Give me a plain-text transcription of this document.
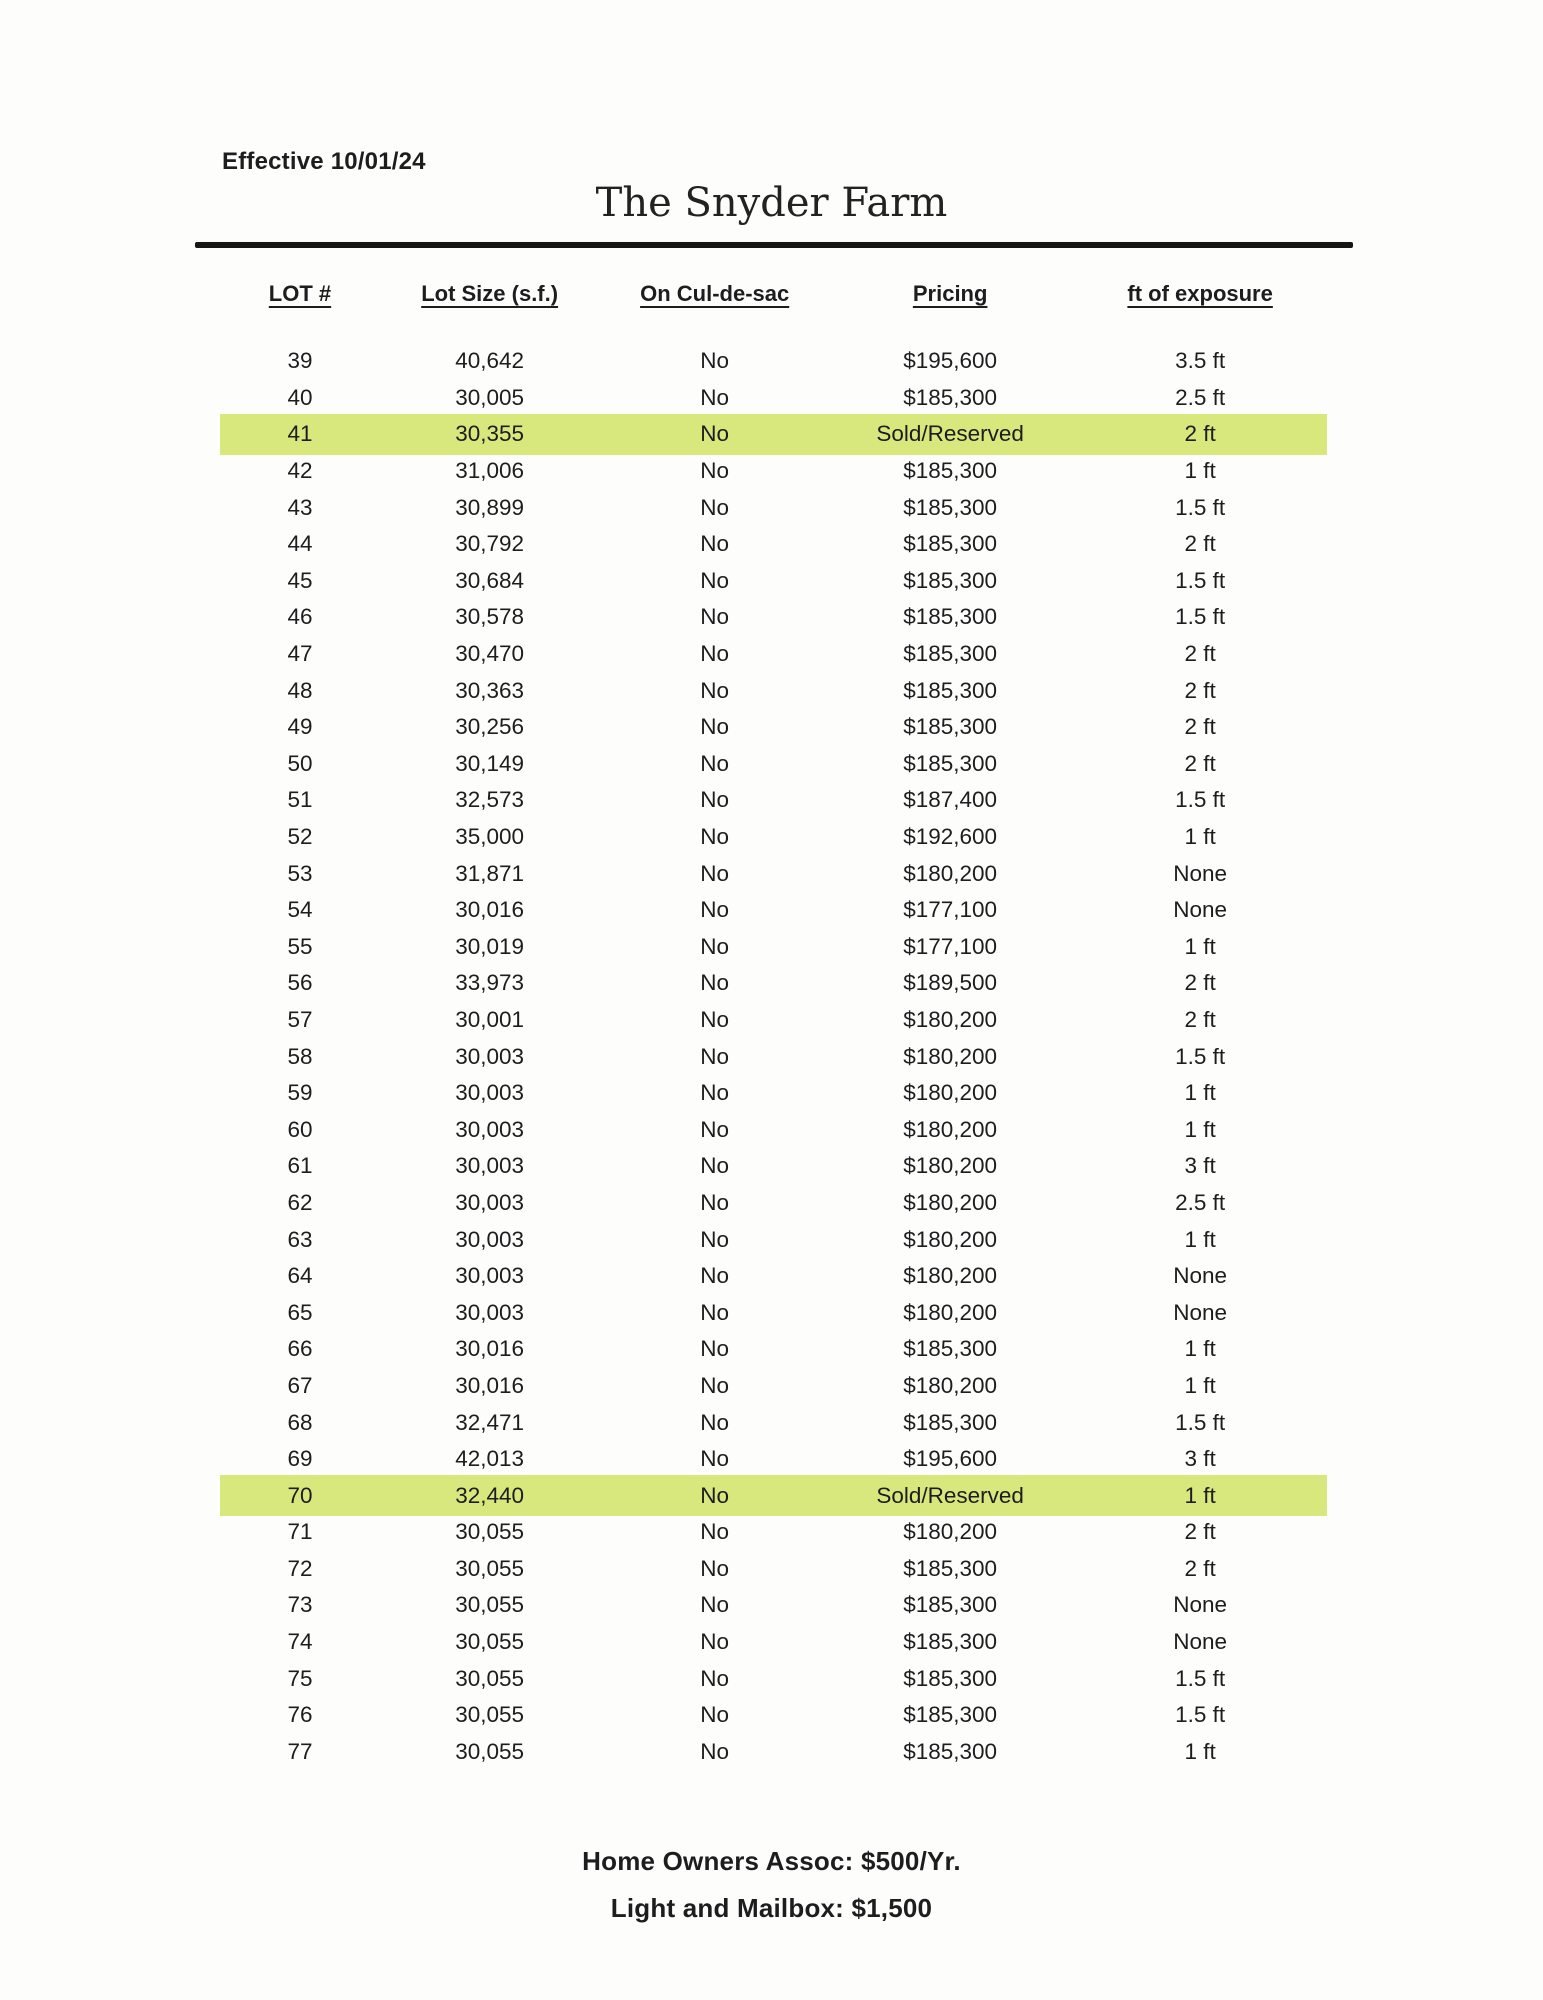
Effective 10/01/24
The Snyder Farm
LOT #	Lot Size (s.f.)	On Cul-de-sac	Pricing	ft of exposure
39	40,642	No	$195,600	3.5 ft
40	30,005	No	$185,300	2.5 ft
41	30,355	No	Sold/Reserved	2 ft
42	31,006	No	$185,300	1 ft
43	30,899	No	$185,300	1.5 ft
44	30,792	No	$185,300	2 ft
45	30,684	No	$185,300	1.5 ft
46	30,578	No	$185,300	1.5 ft
47	30,470	No	$185,300	2 ft
48	30,363	No	$185,300	2 ft
49	30,256	No	$185,300	2 ft
50	30,149	No	$185,300	2 ft
51	32,573	No	$187,400	1.5 ft
52	35,000	No	$192,600	1 ft
53	31,871	No	$180,200	None
54	30,016	No	$177,100	None
55	30,019	No	$177,100	1 ft
56	33,973	No	$189,500	2 ft
57	30,001	No	$180,200	2 ft
58	30,003	No	$180,200	1.5 ft
59	30,003	No	$180,200	1 ft
60	30,003	No	$180,200	1 ft
61	30,003	No	$180,200	3 ft
62	30,003	No	$180,200	2.5 ft
63	30,003	No	$180,200	1 ft
64	30,003	No	$180,200	None
65	30,003	No	$180,200	None
66	30,016	No	$185,300	1 ft
67	30,016	No	$180,200	1 ft
68	32,471	No	$185,300	1.5 ft
69	42,013	No	$195,600	3 ft
70	32,440	No	Sold/Reserved	1 ft
71	30,055	No	$180,200	2 ft
72	30,055	No	$185,300	2 ft
73	30,055	No	$185,300	None
74	30,055	No	$185,300	None
75	30,055	No	$185,300	1.5 ft
76	30,055	No	$185,300	1.5 ft
77	30,055	No	$185,300	1 ft
Home Owners Assoc: $500/Yr.
Light and Mailbox: $1,500
